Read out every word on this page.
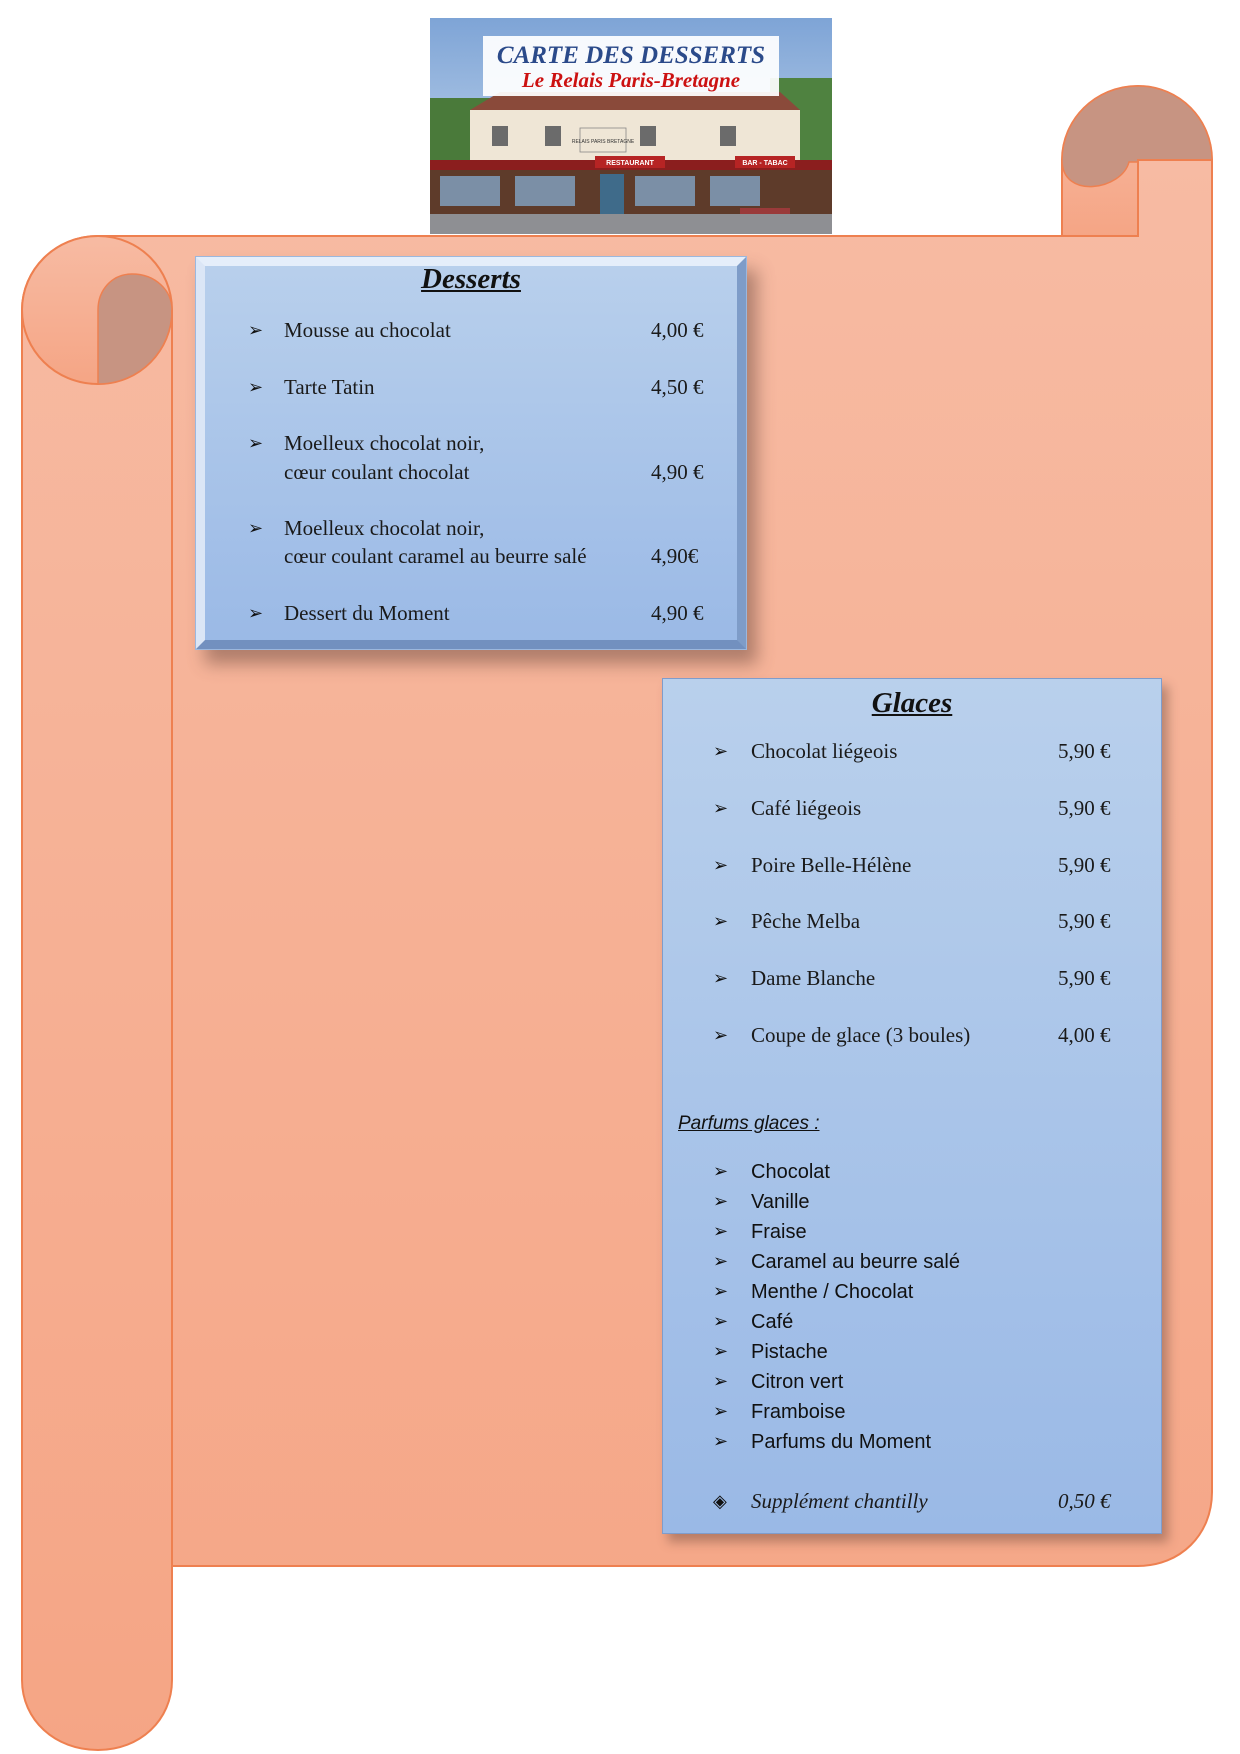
RELAIS PARIS BRETAGNE
RESTAURANT	BAR - TABAC
CARTE DES DESSERTS
Le Relais Paris-Bretagne
Desserts
➢ Mousse au chocolat	4,00 €
➢ Tarte Tatin	4,50 €
➢ Moelleux chocolat noir,
cœur coulant chocolat	4,90 €
➢ Moelleux chocolat noir,
cœur coulant caramel au beurre salé	4,90€
➢ Dessert du Moment	4,90 €
Glaces
➢ Chocolat liégeois	5,90 €
➢ Café liégeois	5,90 €
➢ Poire Belle-Hélène	5,90 €
➢ Pêche Melba	5,90 €
➢ Dame Blanche	5,90 €
➢ Coupe de glace (3 boules)	4,00 €
Parfums glaces :
➢ Chocolat
➢ Vanille
➢ Fraise
➢ Caramel au beurre salé
➢ Menthe / Chocolat
➢ Café
➢ Pistache
➢ Citron vert
➢ Framboise
➢ Parfums du Moment
◈ Supplément chantilly	0,50 €
